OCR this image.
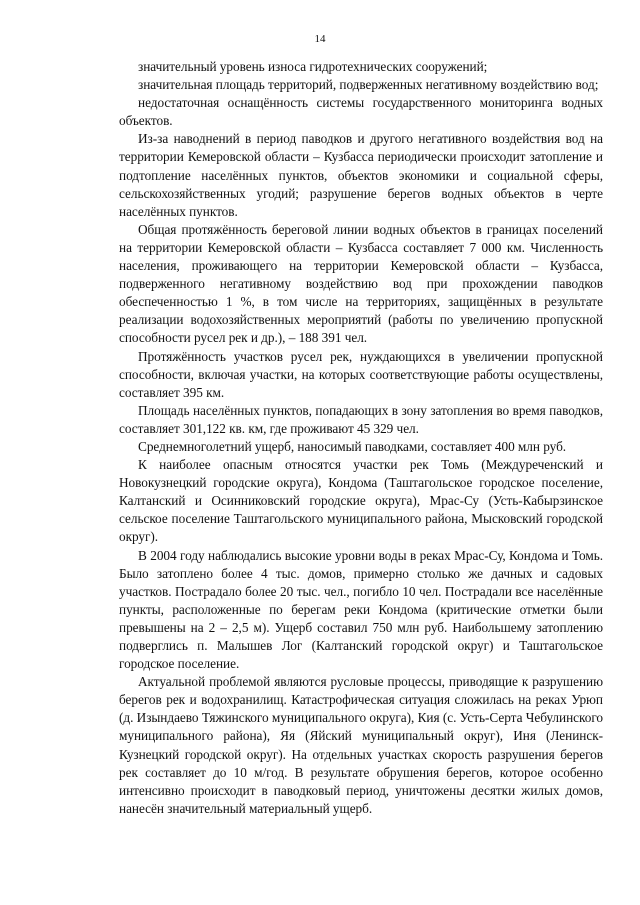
14

значительный уровень износа гидротехнических сооружений;

значительная площадь территорий, подверженных негативному воздействию вод;

недостаточная оснащённость системы государственного мониторинга водных объектов.

Из-за наводнений в период паводков и другого негативного воздействия вод на территории Кемеровской области – Кузбасса периодически происходит затопление и подтопление населённых пунктов, объектов экономики и социальной сферы, сельскохозяйственных угодий; разрушение берегов водных объектов в черте населённых пунктов.

Общая протяжённость береговой линии водных объектов в границах поселений на территории Кемеровской области – Кузбасса составляет 7 000 км. Численность населения, проживающего на территории Кемеровской области – Кузбасса, подверженного негативному воздействию вод при прохождении паводков обеспеченностью 1 %, в том числе на территориях, защищённых в результате реализации водохозяйственных мероприятий (работы по увеличению пропускной способности русел рек и др.), – 188 391 чел.

Протяжённость участков русел рек, нуждающихся в увеличении пропускной способности, включая участки, на которых соответствующие работы осуществлены, составляет 395 км.

Площадь населённых пунктов, попадающих в зону затопления во время паводков, составляет 301,122 кв. км, где проживают 45 329 чел.

Среднемноголетний ущерб, наносимый паводками, составляет 400 млн руб.

К наиболее опасным относятся участки рек Томь (Междуреченский и Новокузнецкий городские округа), Кондома (Таштагольское городское поселение, Калтанский и Осинниковский городские округа), Мрас-Су (Усть-Кабырзинское сельское поселение Таштагольского муниципального района, Мысковский городской округ).

В 2004 году наблюдались высокие уровни воды в реках Мрас-Су, Кондома и Томь. Было затоплено более 4 тыс. домов, примерно столько же дачных и садовых участков. Пострадало более 20 тыс. чел., погибло 10 чел. Пострадали все населённые пункты, расположенные по берегам реки Кондома (критические отметки были превышены на 2 – 2,5 м). Ущерб составил 750 млн руб. Наибольшему затоплению подверглись п. Малышев Лог (Калтанский городской округ) и Таштагольское городское поселение.

Актуальной проблемой являются русловые процессы, приводящие к разрушению берегов рек и водохранилищ. Катастрофическая ситуация сложилась на реках Урюп (д. Изындаево Тяжинского муниципального округа), Кия (с. Усть-Серта Чебулинского муниципального района), Яя (Яйский муниципальный округ), Иня (Ленинск-Кузнецкий городской округ). На отдельных участках скорость разрушения берегов рек составляет до 10 м/год. В результате обрушения берегов, которое особенно интенсивно происходит в паводковый период, уничтожены десятки жилых домов, нанесён значительный материальный ущерб.
